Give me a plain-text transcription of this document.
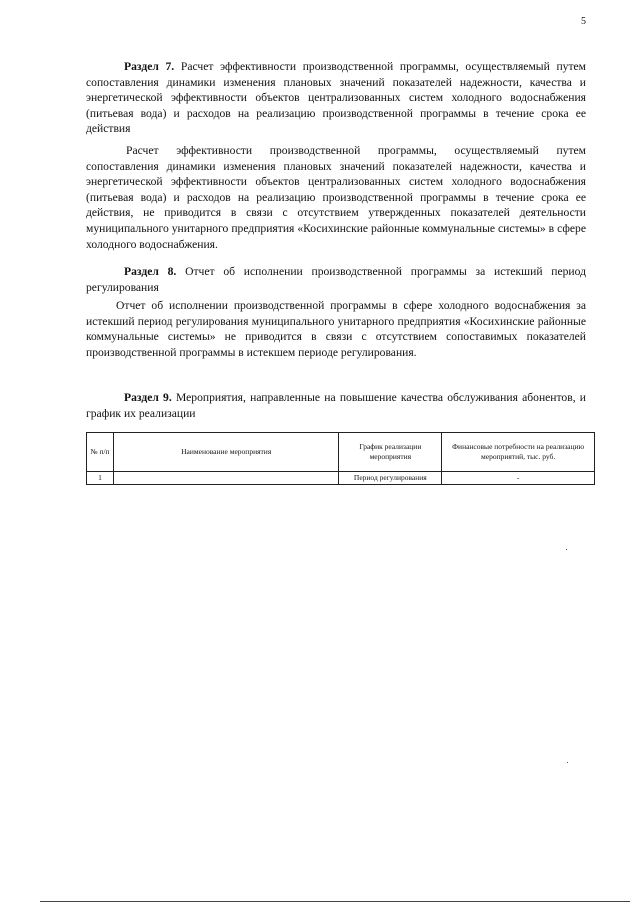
5

Раздел 7. Расчет эффективности производственной программы, осуществляемый путем сопоставления динамики изменения плановых значений показателей надежности, качества и энергетической эффективности объектов централизованных систем холодного водоснабжения (питьевая вода) и расходов на реализацию производственной программы в течение срока ее действия

Расчет эффективности производственной программы, осуществляемый путем сопоставления динамики изменения плановых значений показателей надежности, качества и энергетической эффективности объектов централизованных систем холодного водоснабжения (питьевая вода) и расходов на реализацию производственной программы в течение срока ее действия, не приводится в связи с отсутствием утвержденных показателей деятельности муниципального унитарного предприятия «Косихинские районные коммунальные системы» в сфере холодного водоснабжения.

Раздел 8. Отчет об исполнении производственной программы за истекший период регулирования

Отчет об исполнении производственной программы в сфере холодного водоснабжения за истекший период регулирования муниципального унитарного предприятия «Косихинские районные коммунальные системы» не приводится в связи с отсутствием сопоставимых показателей производственной программы в истекшем периоде регулирования.

Раздел 9. Мероприятия, направленные на повышение качества обслуживания абонентов, и график их реализации

№ п/п	Наименование мероприятия	График реализации мероприятия	Финансовые потребности на реализацию мероприятий, тыс. руб.
1		Период регулирования	-
